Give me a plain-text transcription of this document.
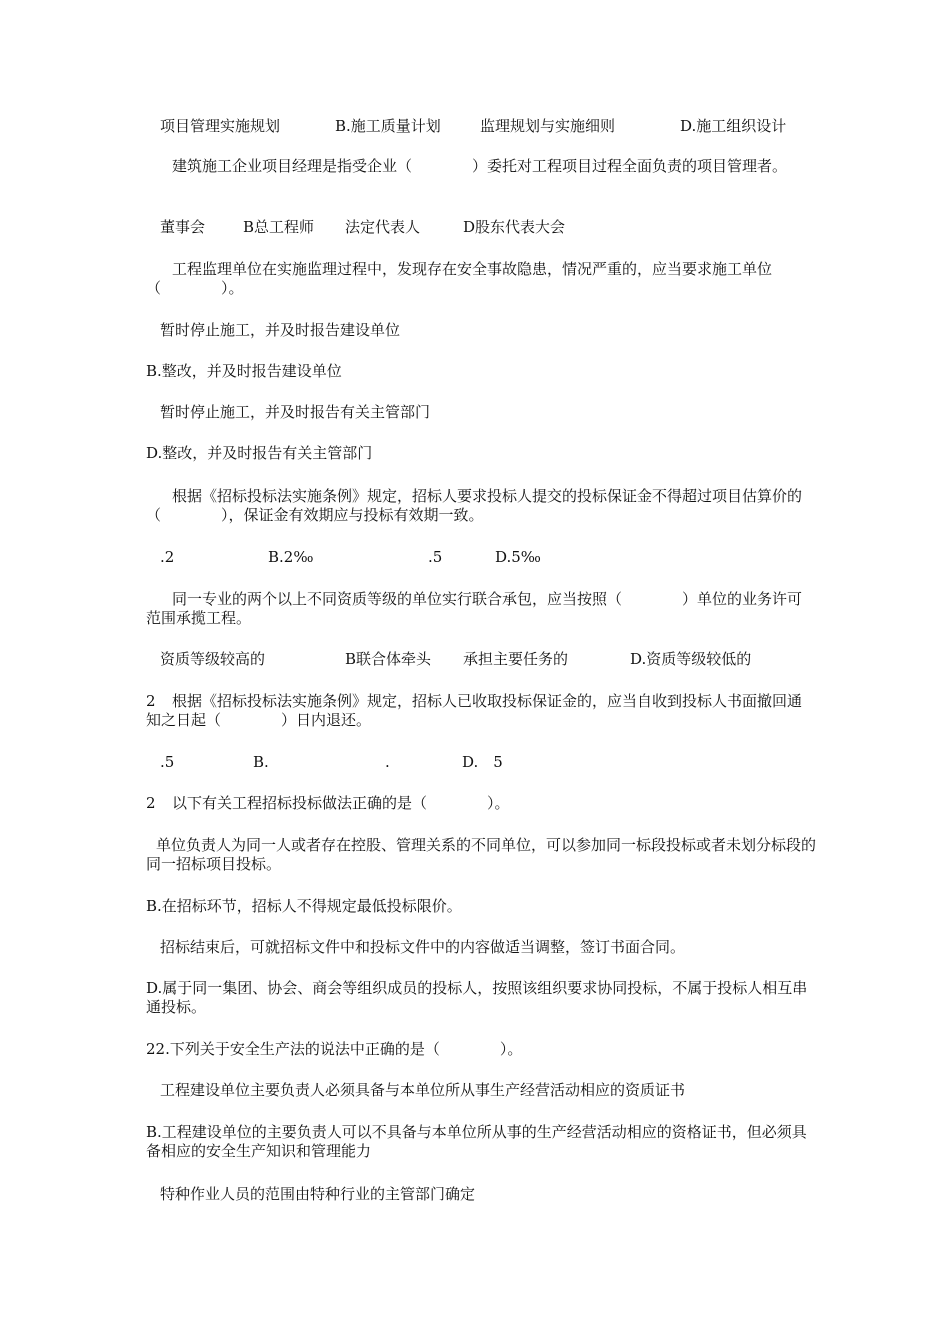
项目管理实施规划	B.施工质量计划	监理规划与实施细则	D.施工组织设计
建筑施工企业项目经理是指受企业（　　　　）委托对工程项目过程全面负责的项目管理者。
董事会	B总工程师 法定代表人	D股东代表大会
工程监理单位在实施监理过程中，发现存在安全事故隐患，情况严重的，应当要求施工单位（　　　　）。
暂时停止施工，并及时报告建设单位
B.整改，并及时报告建设单位
暂时停止施工，并及时报告有关主管部门
D.整改，并及时报告有关主管部门
根据《招标投标法实施条例》规定，招标人要求投标人提交的投标保证金不得超过项目估算价的（　　　　），保证金有效期应与投标有效期一致。
.2	B.2‰	.5	D.5‰
同一专业的两个以上不同资质等级的单位实行联合承包，应当按照（　　　　）单位的业务许可范围承揽工程。
资质等级较高的	B联合体牵头 承担主要任务的	D.资质等级较低的
2	根据《招标投标法实施条例》规定，招标人已收取投标保证金的，应当自收到投标人书面撤回通知之日起（　　　　）日内退还。
.5	B.	.	D.　5
2 以下有关工程招标投标做法正确的是（　　　　）。
单位负责人为同一人或者存在控股、管理关系的不同单位，可以参加同一标段投标或者未划分标段的同一招标项目投标。
B.在招标环节，招标人不得规定最低投标限价。
招标结束后，可就招标文件中和投标文件中的内容做适当调整，签订书面合同。
D.属于同一集团、协会、商会等组织成员的投标人，按照该组织要求协同投标，不属于投标人相互串通投标。
22.下列关于安全生产法的说法中正确的是（　　　　）。
工程建设单位主要负责人必须具备与本单位所从事生产经营活动相应的资质证书
B.工程建设单位的主要负责人可以不具备与本单位所从事的生产经营活动相应的资格证书，但必须具备相应的安全生产知识和管理能力
特种作业人员的范围由特种行业的主管部门确定
